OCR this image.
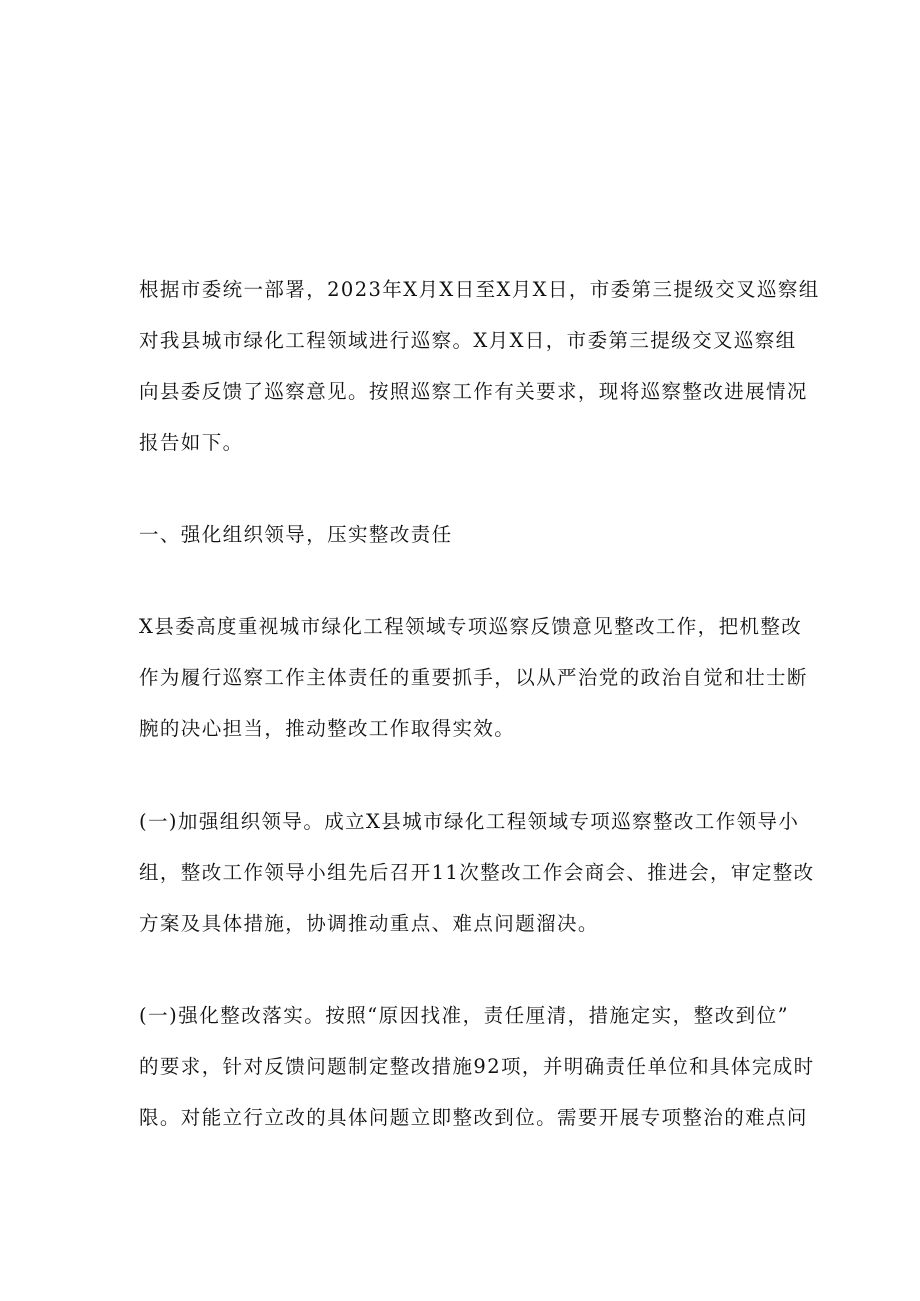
根据市委统一部署，2023年X月X日至X月X日，市委第三提级交叉巡察组
对我县城市绿化工程领域进行巡察。X月X日，市委第三提级交叉巡察组
向县委反馈了巡察意见。按照巡察工作有关要求，现将巡察整改进展情况
报告如下。
一、强化组织领导，压实整改责任
X县委高度重视城市绿化工程领域专项巡察反馈意见整改工作，把机整改
作为履行巡察工作主体责任的重要抓手，以从严治党的政治自觉和壮士断
腕的决心担当，推动整改工作取得实效。
(一)加强组织领导。成立X县城市绿化工程领域专项巡察整改工作领导小
组，整改工作领导小组先后召开11次整改工作会商会、推进会，审定整改
方案及具体措施，协调推动重点、难点问题溜决。
(一)强化整改落实。按照“原因找准，责任厘清，措施定实，整改到位”
的要求，针对反馈问题制定整改措施92项，并明确责任单位和具体完成时
限。对能立行立改的具体问题立即整改到位。需要开展专项整治的难点问
